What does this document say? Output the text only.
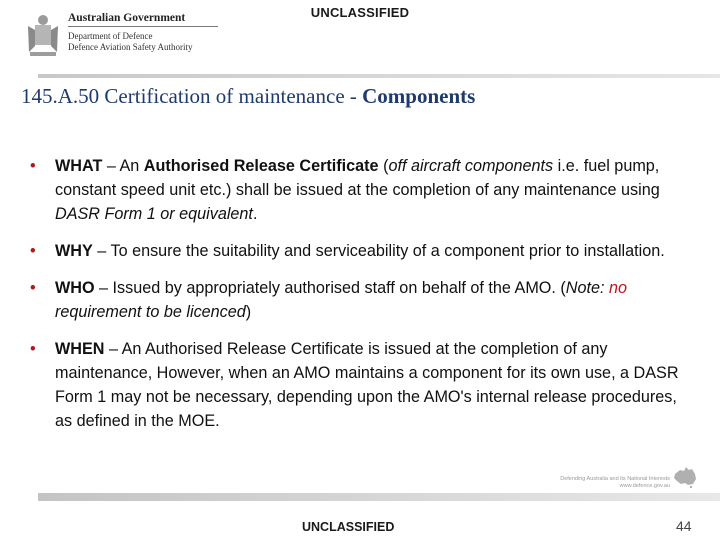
UNCLASSIFIED
Australian Government
Department of Defence
Defence Aviation Safety Authority
145.A.50 Certification of maintenance - Components
• WHAT – An Authorised Release Certificate (off aircraft components i.e. fuel pump, constant speed unit etc.) shall be issued at the completion of any maintenance using DASR Form 1 or equivalent.
• WHY – To ensure the suitability and serviceability of a component prior to installation.
• WHO – Issued by appropriately authorised staff on behalf of the AMO. (Note: no requirement to be licenced)
• WHEN – An Authorised Release Certificate is issued at the completion of any maintenance, However, when an AMO maintains a component for its own use, a DASR Form 1 may not be necessary, depending upon the AMO's internal release procedures, as defined in the MOE.
Defending Australia and its National Interests
www.defence.gov.au
UNCLASSIFIED	44
